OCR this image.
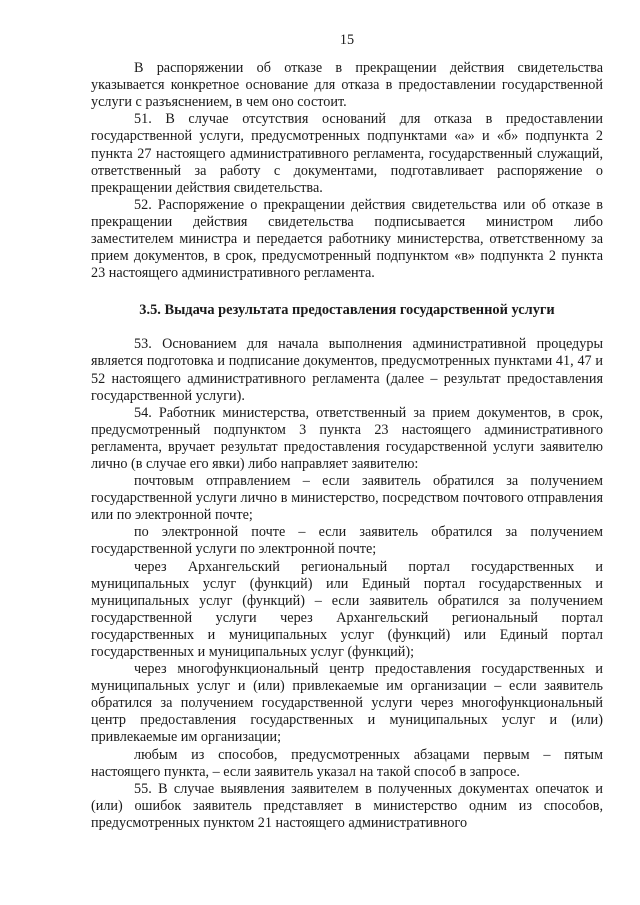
15

В распоряжении об отказе в прекращении действия свидетельства указывается конкретное основание для отказа в предоставлении государственной услуги с разъяснением, в чем оно состоит.

51. В случае отсутствия оснований для отказа в предоставлении государственной услуги, предусмотренных подпунктами «а» и «б» подпункта 2 пункта 27 настоящего административного регламента, государственный служащий, ответственный за работу с документами, подготавливает распоряжение о прекращении действия свидетельства.

52. Распоряжение о прекращении действия свидетельства или об отказе в прекращении действия свидетельства подписывается министром либо заместителем министра и передается работнику министерства, ответственному за прием документов, в срок, предусмотренный подпунктом «в» подпункта 2 пункта 23 настоящего административного регламента.

3.5. Выдача результата предоставления государственной услуги

53. Основанием для начала выполнения административной процедуры является подготовка и подписание документов, предусмотренных пунктами 41, 47 и 52 настоящего административного регламента (далее – результат предоставления государственной услуги).

54. Работник министерства, ответственный за прием документов, в срок, предусмотренный подпунктом 3 пункта 23 настоящего административного регламента, вручает результат предоставления государственной услуги заявителю лично (в случае его явки) либо направляет заявителю:

почтовым отправлением – если заявитель обратился за получением государственной услуги лично в министерство, посредством почтового отправления или по электронной почте;

по электронной почте – если заявитель обратился за получением государственной услуги по электронной почте;

через Архангельский региональный портал государственных и муниципальных услуг (функций) или Единый портал государственных и муниципальных услуг (функций) – если заявитель обратился за получением государственной услуги через Архангельский региональный портал государственных и муниципальных услуг (функций) или Единый портал государственных и муниципальных услуг (функций);

через многофункциональный центр предоставления государственных и муниципальных услуг и (или) привлекаемые им организации – если заявитель обратился за получением государственной услуги через многофункциональный центр предоставления государственных и муниципальных услуг и (или) привлекаемые им организации;

любым из способов, предусмотренных абзацами первым – пятым настоящего пункта, – если заявитель указал на такой способ в запросе.

55. В случае выявления заявителем в полученных документах опечаток и (или) ошибок заявитель представляет в министерство одним из способов, предусмотренных пунктом 21 настоящего административного
